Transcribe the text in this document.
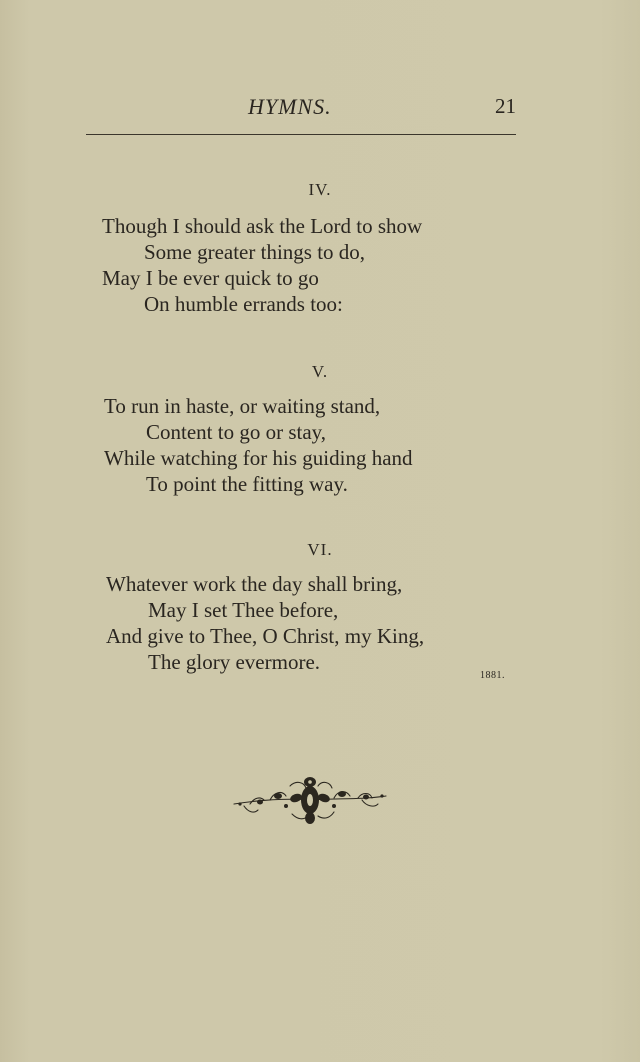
HYMNS.	21
IV.
Though I should ask the Lord to show
Some greater things to do,
May I be ever quick to go
On humble errands too:
V.
To run in haste, or waiting stand,
Content to go or stay,
While watching for his guiding hand
To point the fitting way.
VI.
Whatever work the day shall bring,
May I set Thee before,
And give to Thee, O Christ, my King,
The glory evermore.
1881.
